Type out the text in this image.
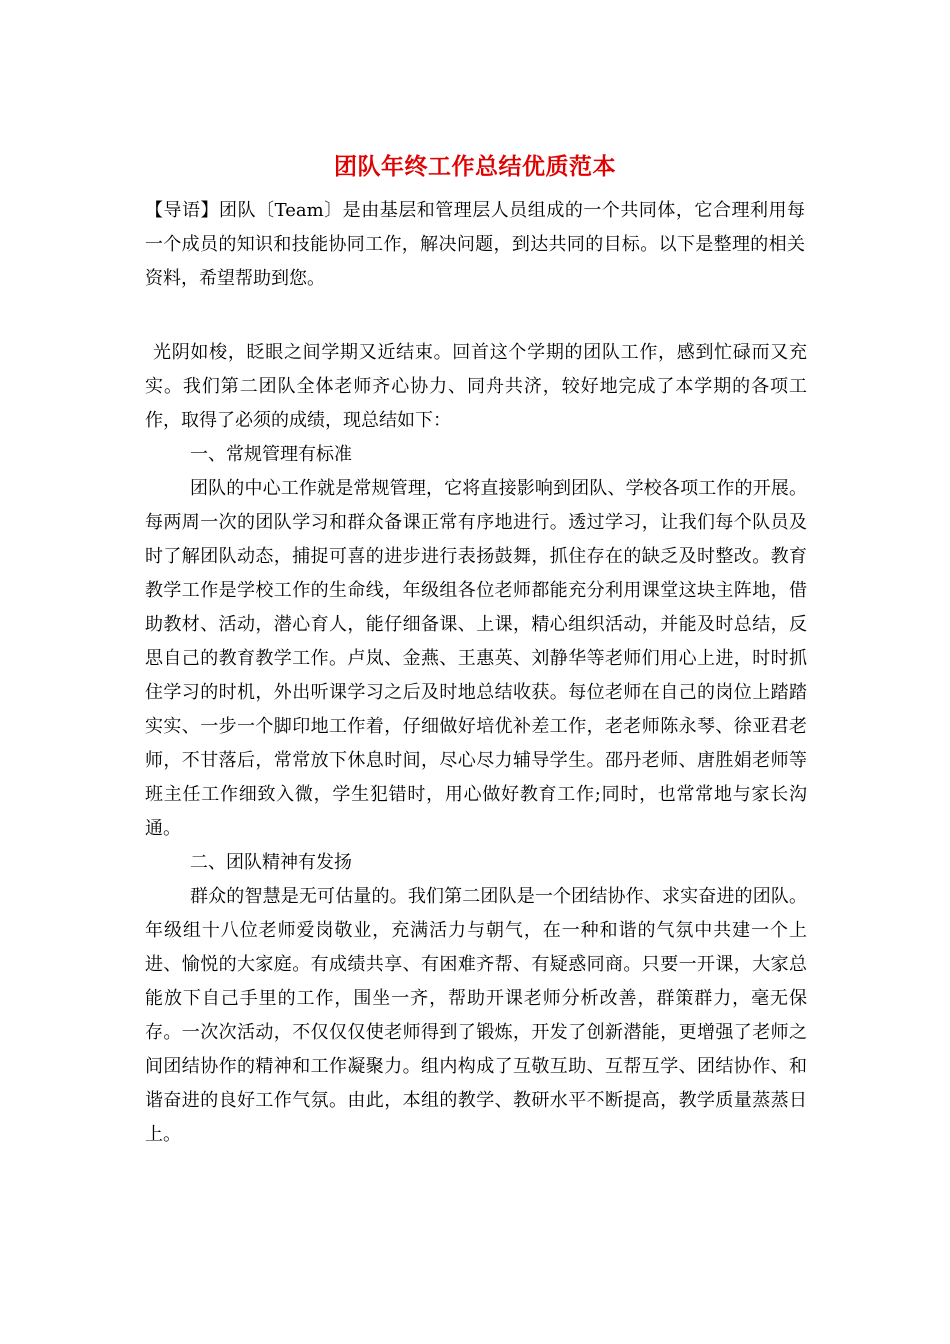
团队年终工作总结优质范本

【导语】团队〔Team〕是由基层和管理层人员组成的一个共同体，它合理利用每一个成员的知识和技能协同工作，解决问题，到达共同的目标。以下是整理的相关资料，希望帮助到您。

光阴如梭，眨眼之间学期又近结束。回首这个学期的团队工作，感到忙碌而又充实。我们第二团队全体老师齐心协力、同舟共济，较好地完成了本学期的各项工作，取得了必须的成绩，现总结如下：

一、常规管理有标准

团队的中心工作就是常规管理，它将直接影响到团队、学校各项工作的开展。每两周一次的团队学习和群众备课正常有序地进行。透过学习，让我们每个队员及时了解团队动态，捕捉可喜的进步进行表扬鼓舞，抓住存在的缺乏及时整改。教育教学工作是学校工作的生命线，年级组各位老师都能充分利用课堂这块主阵地，借助教材、活动，潜心育人，能仔细备课、上课，精心组织活动，并能及时总结，反思自己的教育教学工作。卢岚、金燕、王惠英、刘静华等老师们用心上进，时时抓住学习的时机，外出听课学习之后及时地总结收获。每位老师在自己的岗位上踏踏实实、一步一个脚印地工作着，仔细做好培优补差工作，老老师陈永琴、徐亚君老师，不甘落后，常常放下休息时间，尽心尽力辅导学生。邵丹老师、唐胜娟老师等班主任工作细致入微，学生犯错时，用心做好教育工作;同时，也常常地与家长沟通。

二、团队精神有发扬

群众的智慧是无可估量的。我们第二团队是一个团结协作、求实奋进的团队。年级组十八位老师爱岗敬业，充满活力与朝气，在一种和谐的气氛中共建一个上进、愉悦的大家庭。有成绩共享、有困难齐帮、有疑惑同商。只要一开课，大家总能放下自己手里的工作，围坐一齐，帮助开课老师分析改善，群策群力，毫无保存。一次次活动，不仅仅仅使老师得到了锻炼，开发了创新潜能，更增强了老师之间团结协作的精神和工作凝聚力。组内构成了互敬互助、互帮互学、团结协作、和谐奋进的良好工作气氛。由此，本组的教学、教研水平不断提高，教学质量蒸蒸日上。
